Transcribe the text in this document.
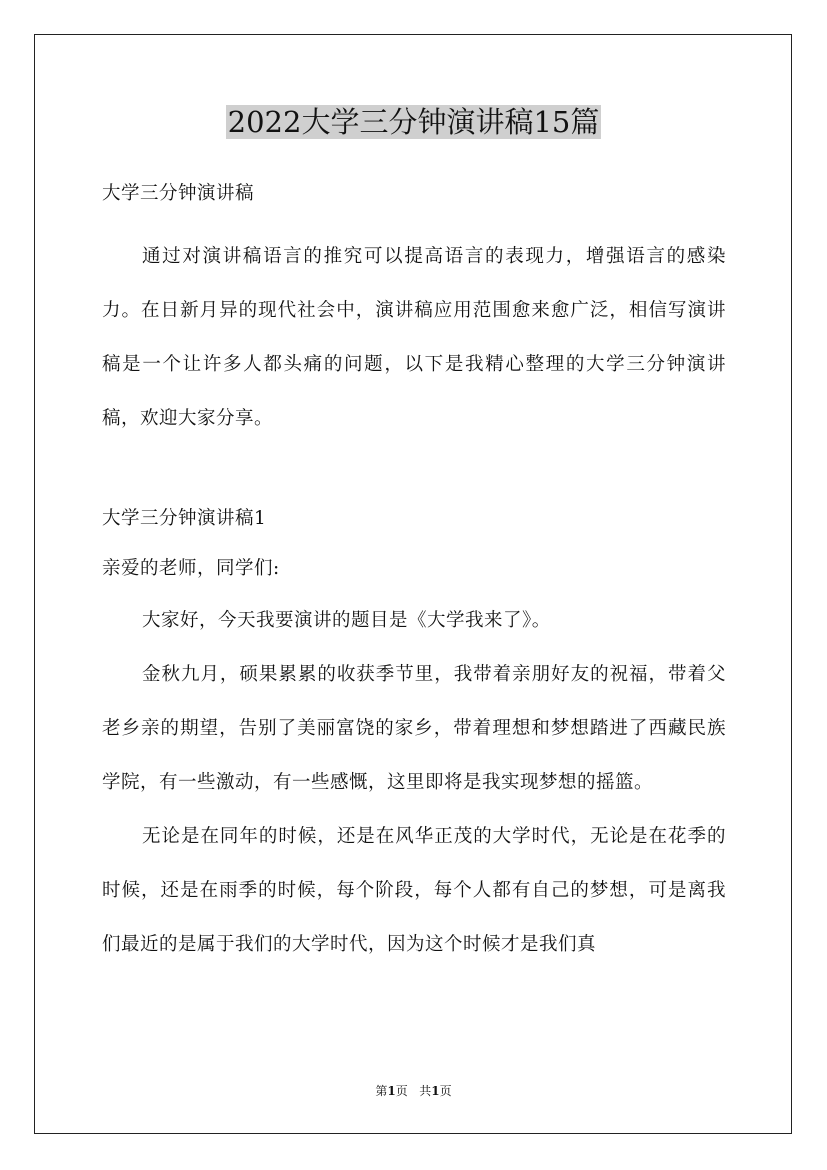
2022大学三分钟演讲稿15篇

大学三分钟演讲稿

通过对演讲稿语言的推究可以提高语言的表现力，增强语言的感染力。在日新月异的现代社会中，演讲稿应用范围愈来愈广泛，相信写演讲稿是一个让许多人都头痛的问题，以下是我精心整理的大学三分钟演讲稿，欢迎大家分享。

大学三分钟演讲稿1

亲爱的老师，同学们:

大家好，今天我要演讲的题目是《大学我来了》。

金秋九月，硕果累累的收获季节里，我带着亲朋好友的祝福，带着父老乡亲的期望，告别了美丽富饶的家乡，带着理想和梦想踏进了西藏民族学院，有一些激动，有一些感慨，这里即将是我实现梦想的摇篮。

无论是在同年的时候，还是在风华正茂的大学时代，无论是在花季的时候，还是在雨季的时候，每个阶段，每个人都有自己的梦想，可是离我们最近的是属于我们的大学时代，因为这个时候才是我们真

第1页 共1页
